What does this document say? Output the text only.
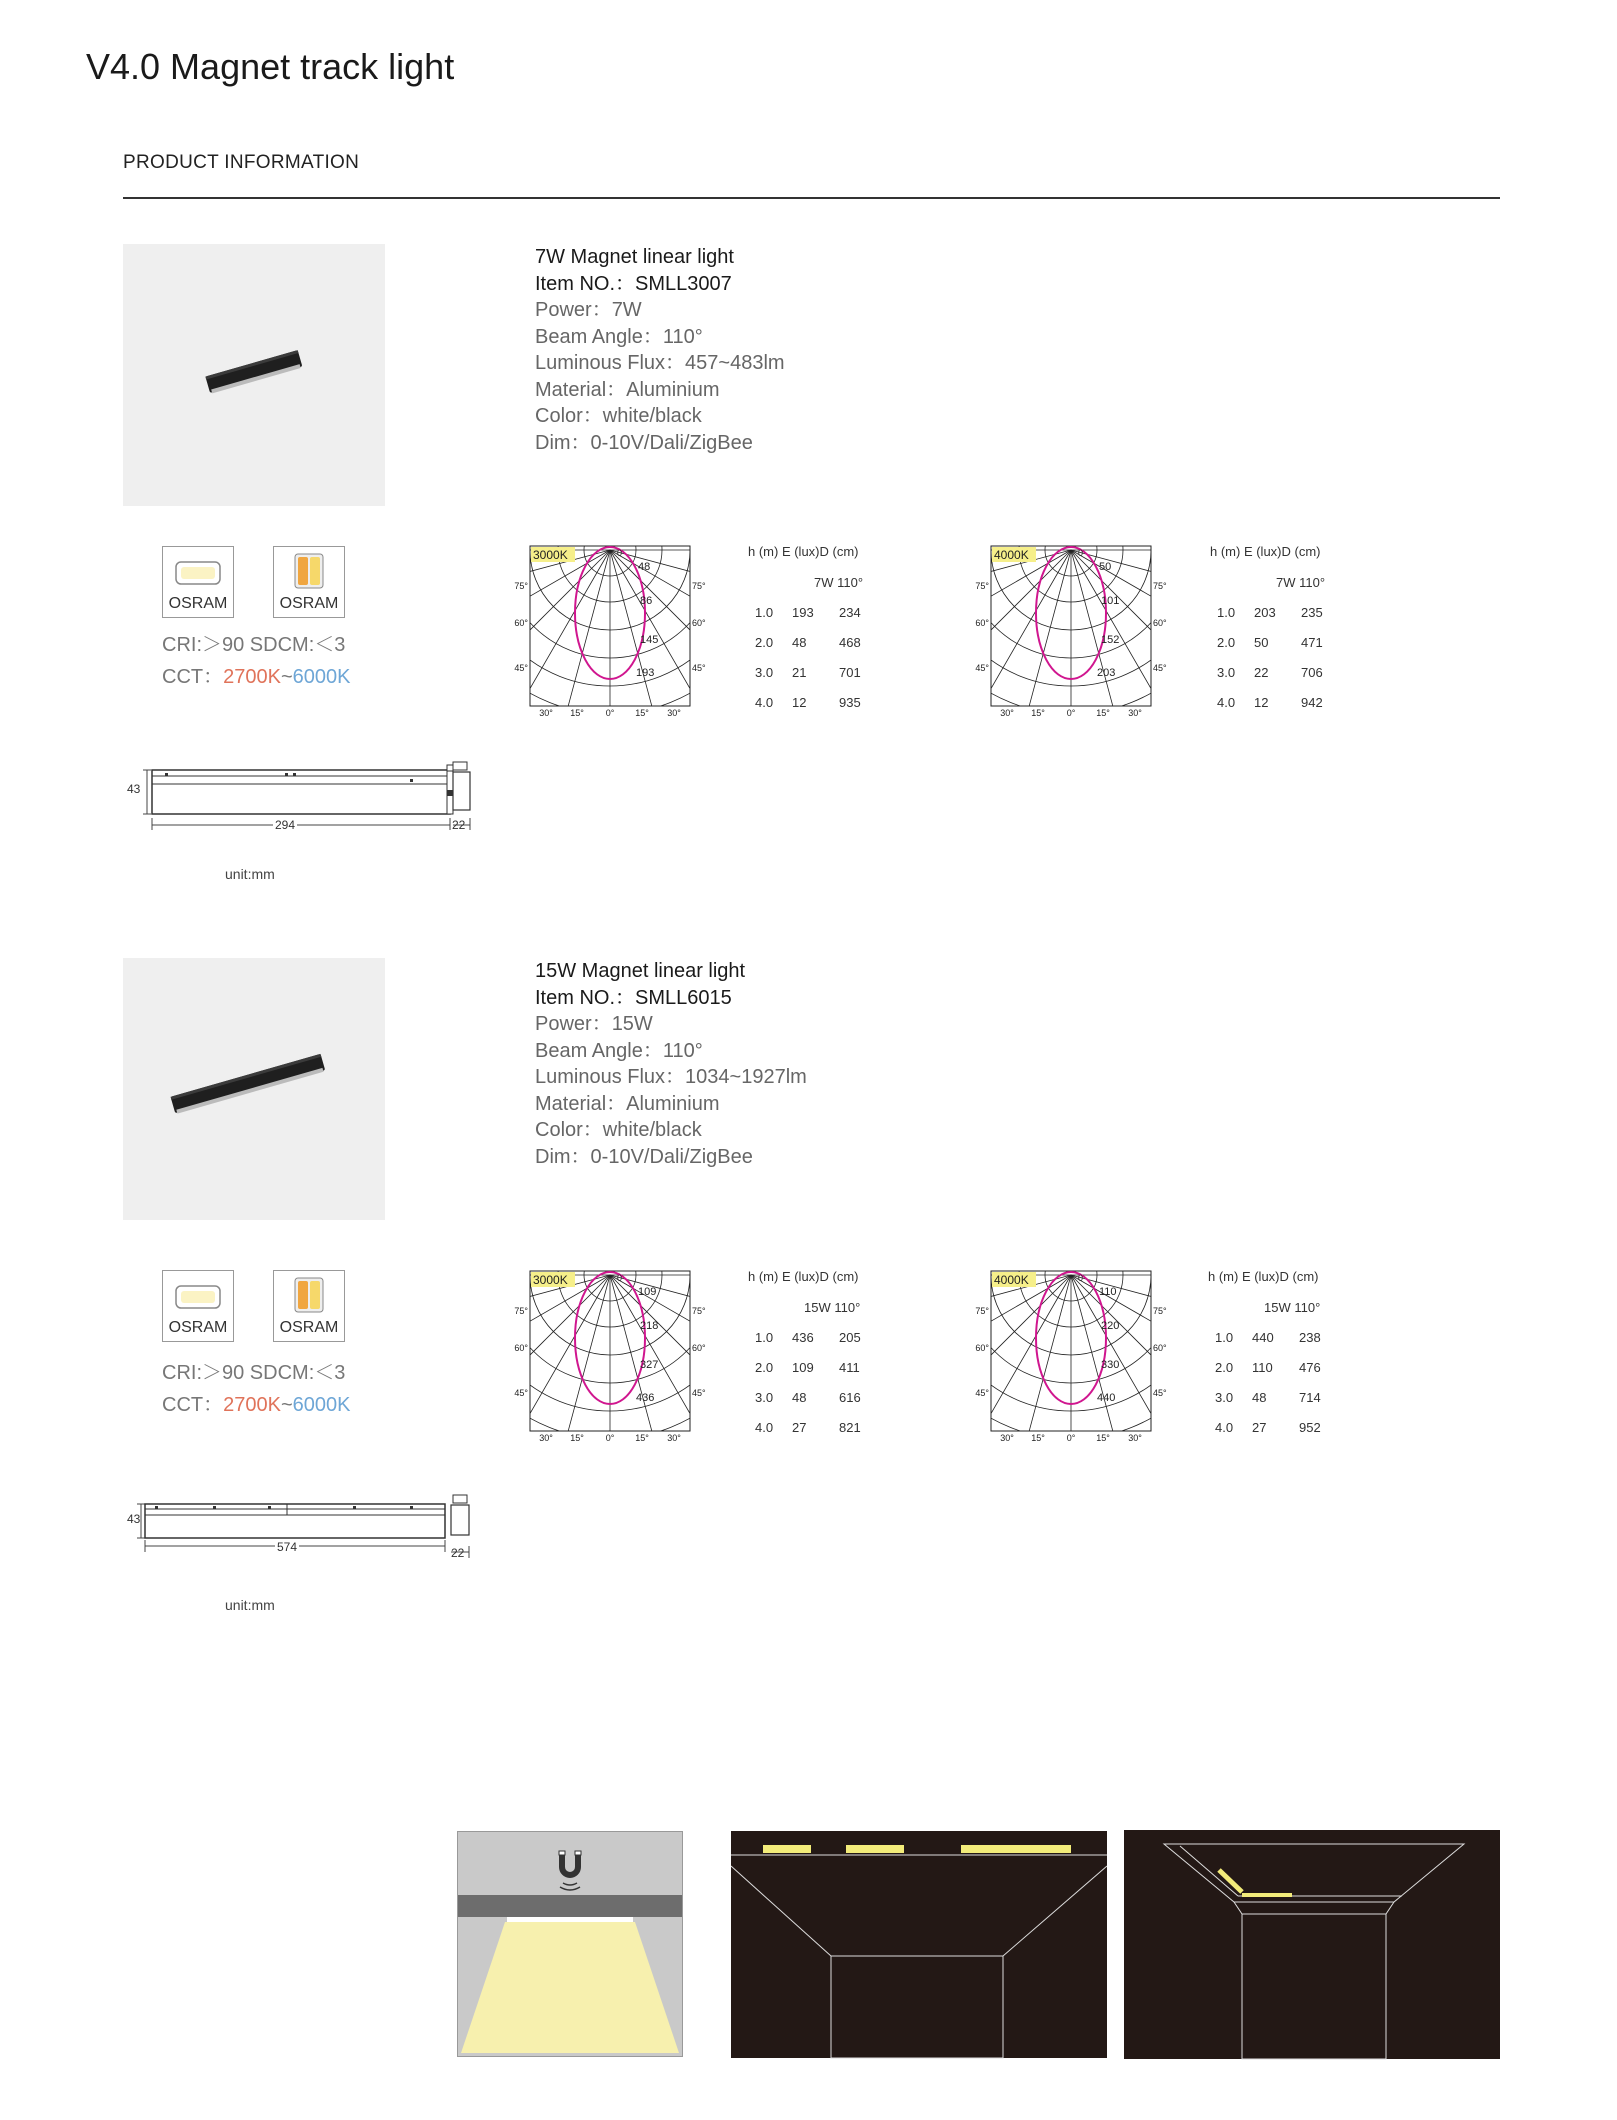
V4.0 Magnet track light
PRODUCT INFORMATION
7W Magnet linear light
Item NO.：SMLL3007
Power：7W
Beam Angle：110°
Luminous Flux：457~483lm
Material：Aluminium
Color：white/black
Dim：0-10V/Dali/ZigBee
OSRAM	OSRAM
CRI:＞90 SDCM:＜3
CCT：2700K~6000K
3000K	0
48
86
145
193
75°
60°
45°
75°
60°
45°
30° 15° 0° 15° 30°
h (m) E (lux)D (cm)
7W 110°
1.0 193 234
2.0 48	468
3.0 21	701
4.0 12	935
4000K	0
50
101
152
203
75°
60°
45°
75°
60°
45°
30° 15° 0° 15° 30°
h (m) E (lux)D (cm)
7W 110°
1.0 203 235
2.0 50	471
3.0 22	706
4.0 12	942
43
294	22
unit:mm
15W Magnet linear light
Item NO.：SMLL6015
Power：15W
Beam Angle：110°
Luminous Flux：1034~1927lm
Material：Aluminium
Color：white/black
Dim：0-10V/Dali/ZigBee
OSRAM	OSRAM
CRI:＞90 SDCM:＜3
CCT：2700K~6000K
3000K	0
109
218
327
436
75°
60°
45°
75°
60°
45°
30° 15° 0° 15° 30°
h (m) E (lux)D (cm)
15W 110°
1.0 436 205
2.0 109 411
3.0 48	616
4.0 27	821
4000K	0
110
220
330
440
75°
60°
45°
75°
60°
45°
30° 15° 0° 15° 30°
h (m) E (lux)D (cm)
15W 110°
1.0 440 238
2.0 110 476
3.0 48	714
4.0 27	952
43
574	22
unit:mm
